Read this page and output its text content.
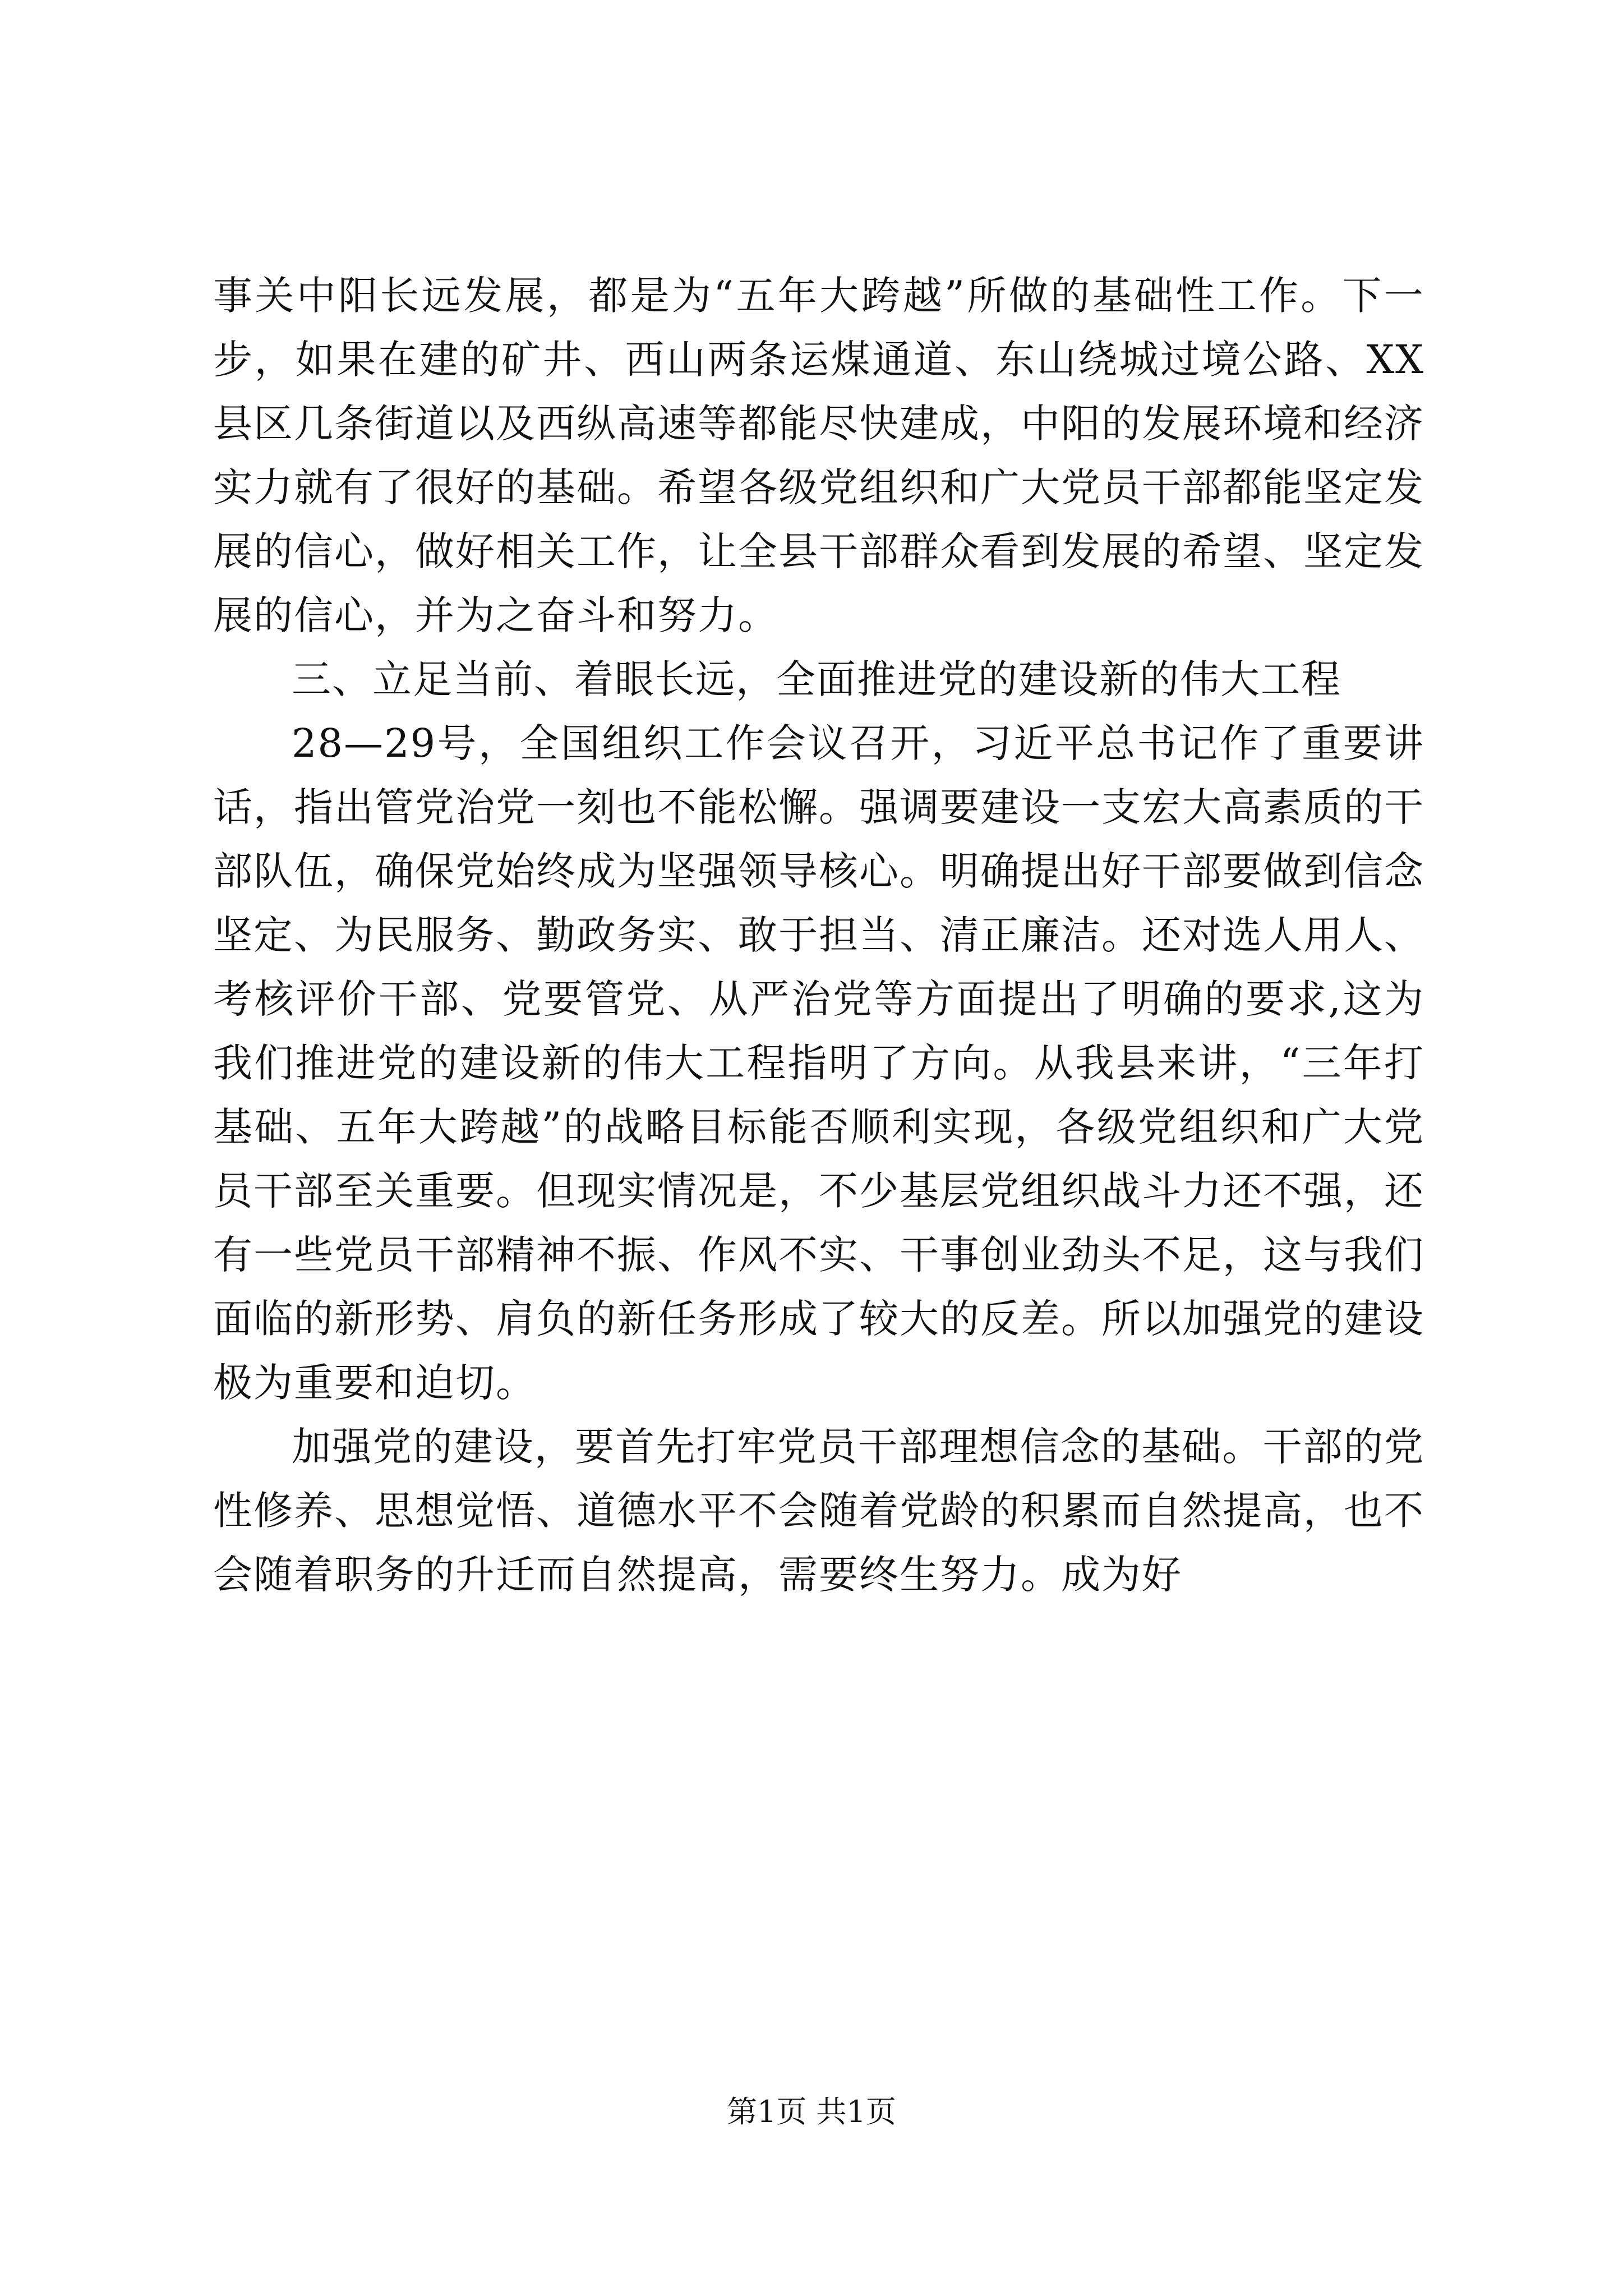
事关中阳长远发展，都是为“五年大跨越”所做的基础性工作。下一步，如果在建的矿井、西山两条运煤通道、东山绕城过境公路、XX县区几条街道以及西纵高速等都能尽快建成，中阳的发展环境和经济实力就有了很好的基础。希望各级党组织和广大党员干部都能坚定发展的信心，做好相关工作，让全县干部群众看到发展的希望、坚定发展的信心，并为之奋斗和努力。

三、立足当前、着眼长远，全面推进党的建设新的伟大工程

28—29号，全国组织工作会议召开，习近平总书记作了重要讲话，指出管党治党一刻也不能松懈。强调要建设一支宏大高素质的干部队伍，确保党始终成为坚强领导核心。明确提出好干部要做到信念坚定、为民服务、勤政务实、敢于担当、清正廉洁。还对选人用人、考核评价干部、党要管党、从严治党等方面提出了明确的要求,这为我们推进党的建设新的伟大工程指明了方向。从我县来讲，“三年打基础、五年大跨越”的战略目标能否顺利实现，各级党组织和广大党员干部至关重要。但现实情况是，不少基层党组织战斗力还不强，还有一些党员干部精神不振、作风不实、干事创业劲头不足，这与我们面临的新形势、肩负的新任务形成了较大的反差。所以加强党的建设极为重要和迫切。

加强党的建设，要首先打牢党员干部理想信念的基础。干部的党性修养、思想觉悟、道德水平不会随着党龄的积累而自然提高，也不会随着职务的升迁而自然提高，需要终生努力。成为好

第1页 共1页
